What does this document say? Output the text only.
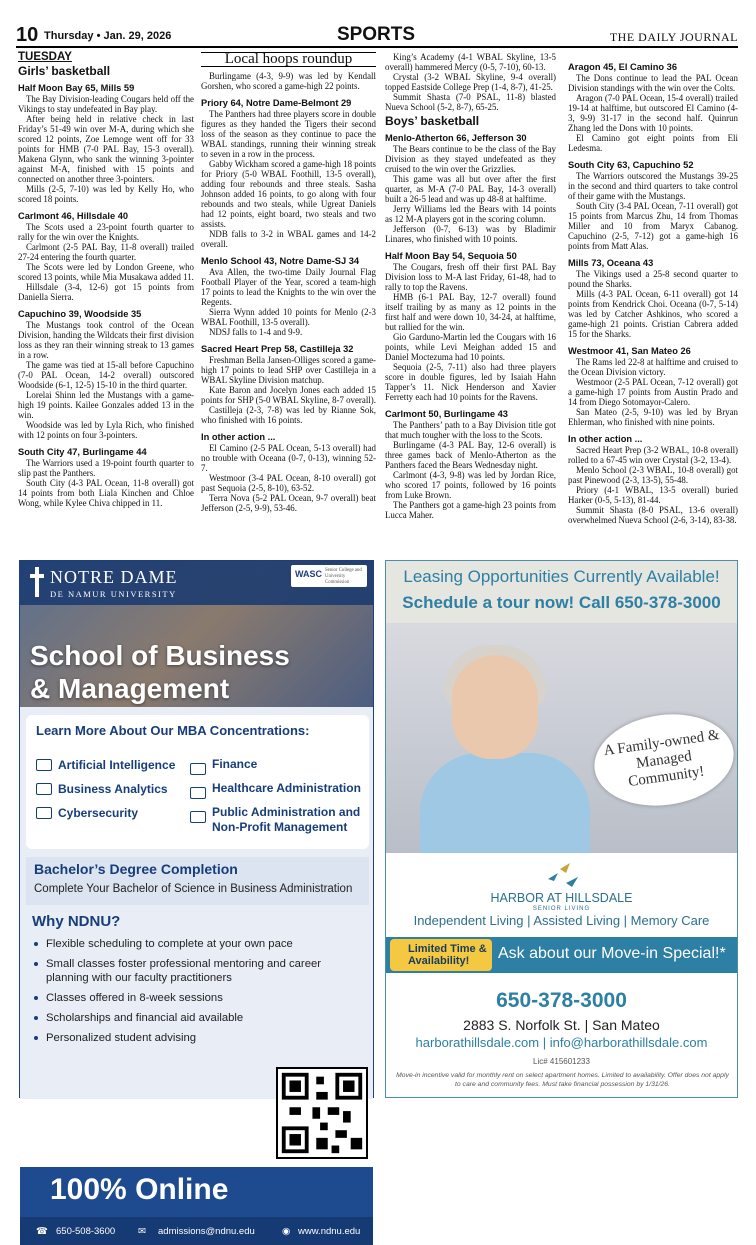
10 Thursday • Jan. 29, 2026	SPORTS	THE DAILY JOURNAL
TUESDAY
Girls’ basketball
Half Moon Bay 65, Mills 59

The Bay Division-leading Cougars held off the Vikings to stay undefeated in Bay play.

After being held in relative check in last Friday’s 51-49 win over M-A, during which she scored 12 points, Zoe Lemoge went off for 33 points for HMB (7-0 PAL Bay, 15-3 overall). Makena Glynn, who sank the winning 3-pointer against M-A, finished with 15 points and connected on another three 3-pointers.

Mills (2-5, 7-10) was led by Kelly Ho, who scored 18 points.

Carlmont 46, Hillsdale 40

The Scots used a 23-point fourth quarter to rally for the win over the Knights.

Carlmont (2-5 PAL Bay, 11-8 overall) trailed 27-24 entering the fourth quarter.

The Scots were led by London Greene, who scored 13 points, while Mia Musakawa added 11.

Hillsdale (3-4, 12-6) got 15 points from Daniella Sierra.

Capuchino 39, Woodside 35

The Mustangs took control of the Ocean Division, handing the Wildcats their first division loss as they ran their winning streak to 13 games in a row.

The game was tied at 15-all before Capuchino (7-0 PAL Ocean, 14-2 overall) outscored Woodside (6-1, 12-5) 15-10 in the third quarter.

Lorelai Shinn led the Mustangs with a game-high 19 points. Kailee Gonzales added 13 in the win.

Woodside was led by Lyla Rich, who finished with 12 points on four 3-pointers.

South City 47, Burlingame 44

The Warriors used a 19-point fourth quarter to slip past the Panthers.

South City (4-3 PAL Ocean, 11-8 overall) got 14 points from both Liala Kinchen and Chloe Wong, while Kylee Chiva chipped in 11.

Local hoops roundup

Burlingame (4-3, 9-9) was led by Kendall Gorshen, who scored a game-high 22 points.

Priory 64, Notre Dame-Belmont 29

The Panthers had three players score in double figures as they handed the Tigers their second loss of the season as they continue to pace the WBAL standings, running their winning streak to seven in a row in the process.

Gabby Wickham scored a game-high 18 points for Priory (5-0 WBAL Foothill, 13-5 overall), adding four rebounds and three steals. Sasha Johnson added 16 points, to go along with four rebounds and two steals, while Ugreat Daniels had 12 points, eight board, two steals and two assists.

NDB falls to 3-2 in WBAL games and 14-2 overall.

Menlo School 43, Notre Dame-SJ 34

Ava Allen, the two-time Daily Journal Flag Football Player of the Year, scored a team-high 17 points to lead the Knights to the win over the Regents.

Sierra Wynn added 10 points for Menlo (2-3 WBAL Foothill, 13-5 overall).

NDSJ falls to 1-4 and 9-9.

Sacred Heart Prep 58, Castilleja 32

Freshman Bella Jansen-Olliges scored a game-high 17 points to lead SHP over Castilleja in a WBAL Skyline Division matchup.

Kate Baron and Jocelyn Jones each added 15 points for SHP (5-0 WBAL Skyline, 8-7 overall).

Castilleja (2-3, 7-8) was led by Rianne Sok, who finished with 16 points.

In other action ...

El Camino (2-5 PAL Ocean, 5-13 overall) had no trouble with Oceana (0-7, 0-13), winning 52-7.

Westmoor (3-4 PAL Ocean, 8-10 overall) got past Sequoia (2-5, 8-10), 63-52.

Terra Nova (5-2 PAL Ocean, 9-7 overall) beat Jefferson (2-5, 9-9), 53-46.

King’s Academy (4-1 WBAL Skyline, 13-5 overall) hammered Mercy (0-5, 7-10), 60-13.

Crystal (3-2 WBAL Skyline, 9-4 overall) topped Eastside College Prep (1-4, 8-7), 41-25.

Summit Shasta (7-0 PSAL, 11-8) blasted Nueva School (5-2, 8-7), 65-25.

Boys’ basketball
Menlo-Atherton 66, Jefferson 30

The Bears continue to be the class of the Bay Division as they stayed undefeated as they cruised to the win over the Grizzlies.

This game was all but over after the first quarter, as M-A (7-0 PAL Bay, 14-3 overall) built a 26-5 lead and was up 48-8 at halftime.

Jerry Williams led the Bears with 14 points as 12 M-A players got in the scoring column.

Jefferson (0-7, 6-13) was by Bladimir Linares, who finished with 10 points.

Half Moon Bay 54, Sequoia 50

The Cougars, fresh off their first PAL Bay Division loss to M-A last Friday, 61-48, had to rally to top the Ravens.

HMB (6-1 PAL Bay, 12-7 overall) found itself trailing by as many as 12 points in the first half and were down 10, 34-24, at halftime, but rallied for the win.

Gio Garduno-Martin led the Cougars with 16 points, while Levi Meighan added 15 and Daniel Moctezuma had 10 points.

Sequoia (2-5, 7-11) also had three players score in double figures, led by Isaiah Hahn Tapper’s 11. Nick Henderson and Xavier Ferretty each had 10 points for the Ravens.

Carlmont 50, Burlingame 43

The Panthers’ path to a Bay Division title got that much tougher with the loss to the Scots.

Burlingame (4-3 PAL Bay, 12-6 overall) is three games back of Menlo-Atherton as the Panthers faced the Bears Wednesday night.

Carlmont (4-3, 9-8) was led by Jordan Rice, who scored 17 points, followed by 16 points from Luke Brown.

The Panthers got a game-high 23 points from Lucca Maher.

Aragon 45, El Camino 36

The Dons continue to lead the PAL Ocean Division standings with the win over the Colts.

Aragon (7-0 PAL Ocean, 15-4 overall) trailed 19-14 at halftime, but outscored El Camino (4-3, 9-9) 31-17 in the second half. Quinrun Zhang led the Dons with 10 points.

El Camino got eight points from Eli Ledesma.

South City 63, Capuchino 52

The Warriors outscored the Mustangs 39-25 in the second and third quarters to take control of their game with the Mustangs.

South City (3-4 PAL Ocean, 7-11 overall) got 15 points from Marcus Zhu, 14 from Thomas Miller and 10 from Maryx Cabanog. Capuchino (2-5, 7-12) got a game-high 16 points from Matt Alas.

Mills 73, Oceana 43

The Vikings used a 25-8 second quarter to pound the Sharks.

Mills (4-3 PAL Ocean, 6-11 overall) got 14 points from Kendrick Choi. Oceana (0-7, 5-14) was led by Catcher Ashkinos, who scored a game-high 21 points. Cristian Cabrera added 15 for the Sharks.

Westmoor 41, San Mateo 26

The Rams led 22-8 at halftime and cruised to the Ocean Division victory.

Westmoor (2-5 PAL Ocean, 7-12 overall) got a game-high 17 points from Austin Prado and 14 from Diego Sotomayor-Calero.

San Mateo (2-5, 9-10) was led by Bryan Ehlerman, who finished with nine points.

In other action ...

Sacred Heart Prep (3-2 WBAL, 10-8 overall) rolled to a 67-45 win over Crystal (3-2, 13-4).

Menlo School (2-3 WBAL, 10-8 overall) got past Pinewood (2-3, 13-5), 55-48.

Priory (4-1 WBAL, 13-5 overall) buried Harker (0-5, 5-13), 81-44.

Summit Shasta (8-0 PSAL, 13-6 overall) overwhelmed Nueva School (2-6, 3-14), 83-38.

NOTRE DAME
DE NAMUR UNIVERSITY
WASC Senior College and University Commission
School of Business & Management
Learn More About Our MBA Concentrations:
Artificial Intelligence
Business Analytics
Cybersecurity
Finance
Healthcare Administration
Public Administration and Non-Profit Management
Bachelor’s Degree Completion
Complete Your Bachelor of Science in Business Administration
Why NDNU?
Flexible scheduling to complete at your own pace
Small classes foster professional mentoring and career planning with our faculty practitioners
Classes offered in 8-week sessions
Scholarships and financial aid available
Personalized student advising
100% Online
☎ 650-508-3600 ✉ admissions@ndnu.edu	◉ www.ndnu.edu
Leasing Opportunities Currently Available!
Schedule a tour now! Call 650-378-3000
A Family-owned & Managed Community!
HARBOR AT HILLSDALE
SENIOR LIVING
Independent Living | Assisted Living | Memory Care
Limited Time & Availability!	Ask about our Move-in Special!*
650-378-3000
2883 S. Norfolk St. | San Mateo
harborathillsdale.com | info@harborathillsdale.com
Lic# 415601233
Move-in incentive valid for monthly rent on select apartment homes. Limited to availability. Offer does not apply to care and community fees. Must take financial possession by 1/31/26.
